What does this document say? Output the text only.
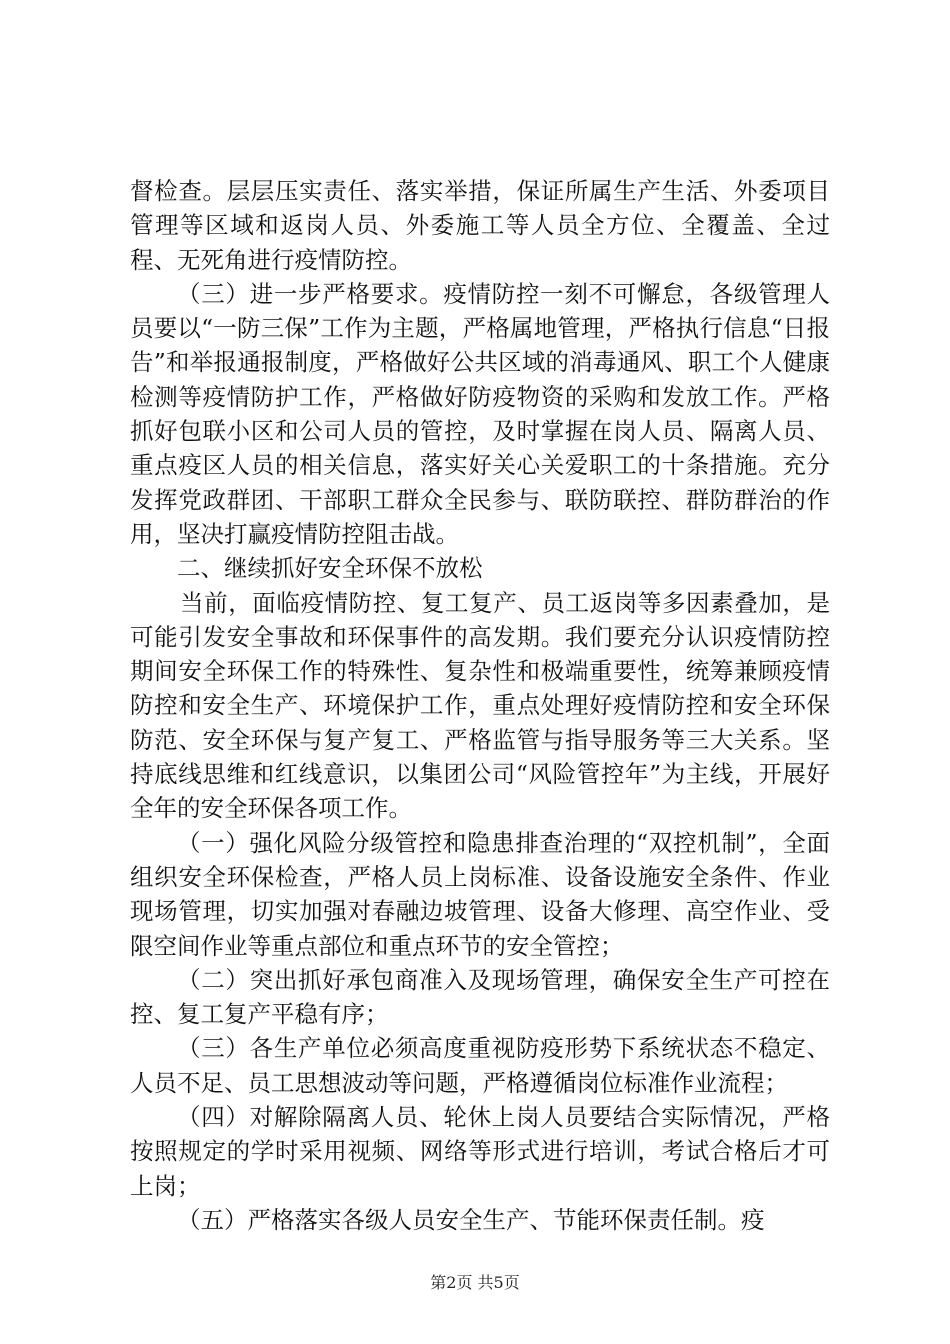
督检查。层层压实责任、落实举措，保证所属生产生活、外委项目管理等区域和返岗人员、外委施工等人员全方位、全覆盖、全过程、无死角进行疫情防控。

（三）进一步严格要求。疫情防控一刻不可懈怠，各级管理人员要以“一防三保”工作为主题，严格属地管理，严格执行信息“日报告”和举报通报制度，严格做好公共区域的消毒通风、职工个人健康检测等疫情防护工作，严格做好防疫物资的采购和发放工作。严格抓好包联小区和公司人员的管控，及时掌握在岗人员、隔离人员、重点疫区人员的相关信息，落实好关心关爱职工的十条措施。充分发挥党政群团、干部职工群众全民参与、联防联控、群防群治的作用，坚决打赢疫情防控阻击战。

二、继续抓好安全环保不放松

当前，面临疫情防控、复工复产、员工返岗等多因素叠加，是可能引发安全事故和环保事件的高发期。我们要充分认识疫情防控期间安全环保工作的特殊性、复杂性和极端重要性，统筹兼顾疫情防控和安全生产、环境保护工作，重点处理好疫情防控和安全环保防范、安全环保与复产复工、严格监管与指导服务等三大关系。坚持底线思维和红线意识，以集团公司“风险管控年”为主线，开展好全年的安全环保各项工作。

（一）强化风险分级管控和隐患排查治理的“双控机制”，全面组织安全环保检查，严格人员上岗标准、设备设施安全条件、作业现场管理，切实加强对春融边坡管理、设备大修理、高空作业、受限空间作业等重点部位和重点环节的安全管控；

（二）突出抓好承包商准入及现场管理，确保安全生产可控在控、复工复产平稳有序；

（三）各生产单位必须高度重视防疫形势下系统状态不稳定、人员不足、员工思想波动等问题，严格遵循岗位标准作业流程；

（四）对解除隔离人员、轮休上岗人员要结合实际情况，严格按照规定的学时采用视频、网络等形式进行培训，考试合格后才可上岗；

（五）严格落实各级人员安全生产、节能环保责任制。疫

第2页 共5页
